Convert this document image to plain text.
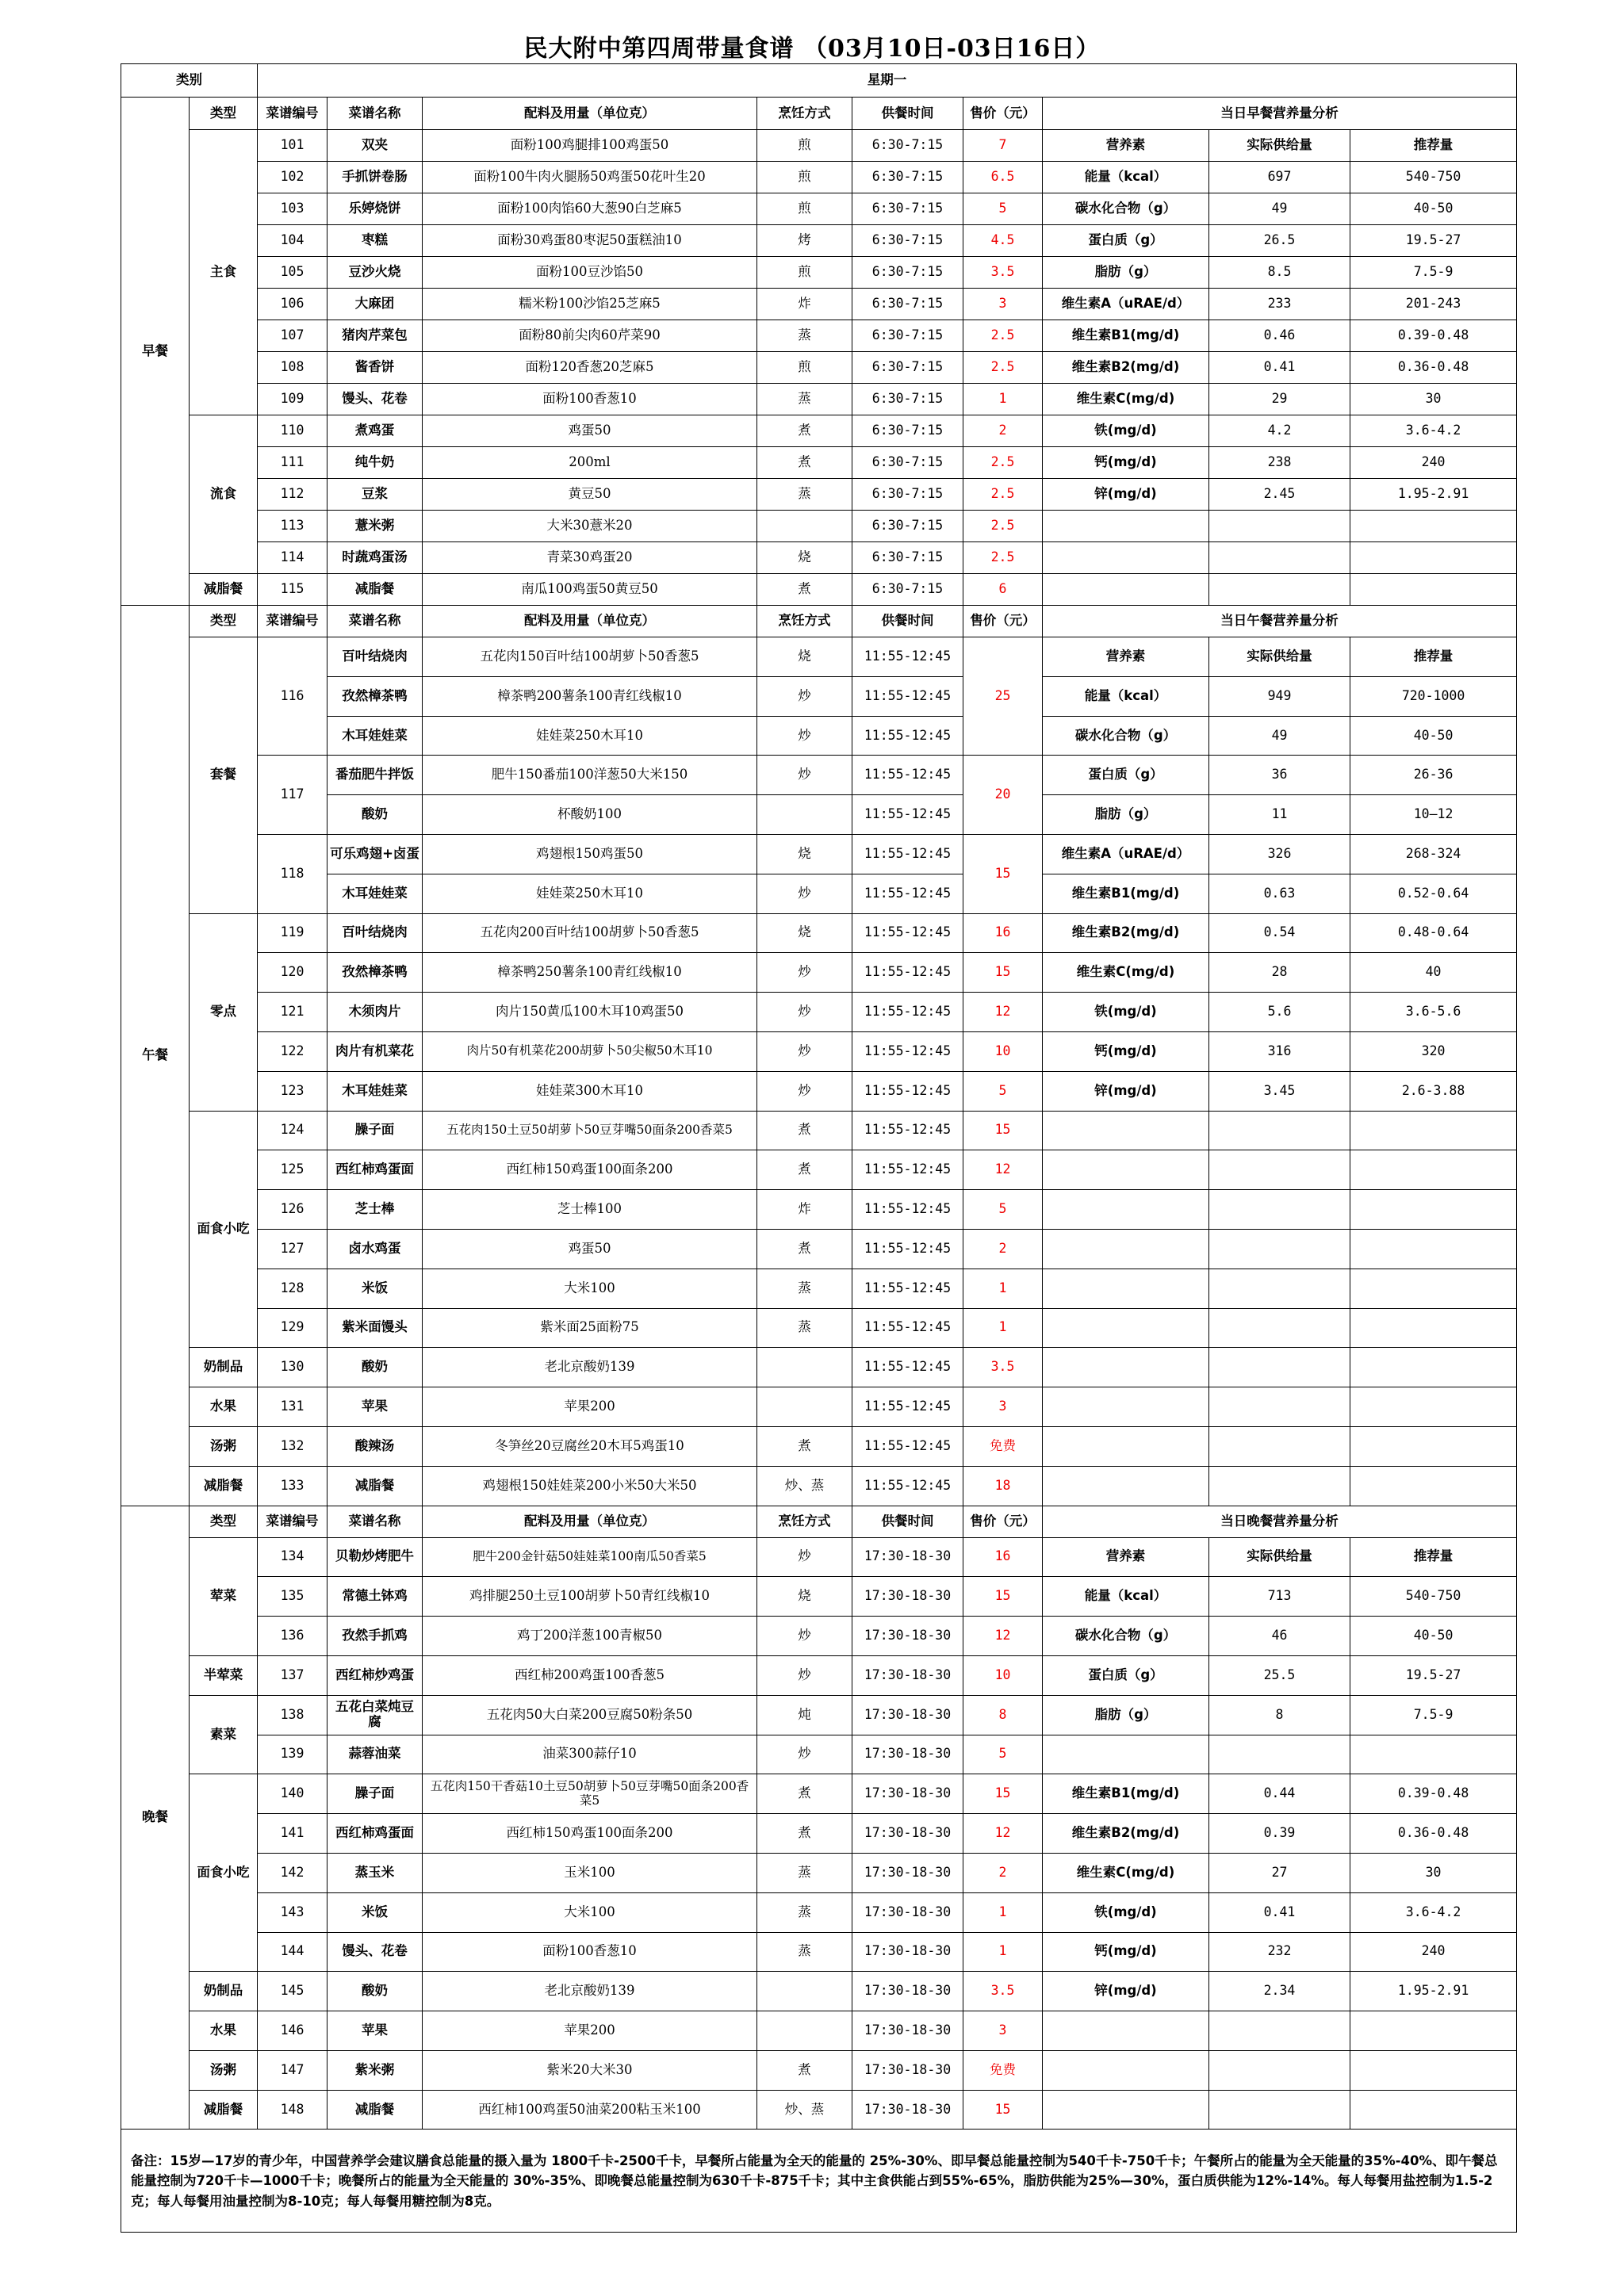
民大附中第四周带量食谱 （03月10日-03日16日）
类别		星期一								
早餐	类型	菜谱编号	菜谱名称	配料及用量（单位克）	烹饪方式	供餐时间	售价（元）	当日早餐营养量分析		
	主食	101	双夹	面粉100鸡腿排100鸡蛋50	煎	6:30-7:15	7	营养素	实际供给量	推荐量
		102	手抓饼卷肠	面粉100牛肉火腿肠50鸡蛋50花叶生20	煎	6:30-7:15	6.5	能量（kcal）	697	540-750
		103	乐婷烧饼	面粉100肉馅60大葱90白芝麻5	煎	6:30-7:15	5	碳水化合物（g）	49	40-50
		104	枣糕	面粉30鸡蛋80枣泥50蛋糕油10	烤	6:30-7:15	4.5	蛋白质（g）	26.5	19.5-27
		105	豆沙火烧	面粉100豆沙馅50	煎	6:30-7:15	3.5	脂肪（g）	8.5	7.5-9
		106	大麻团	糯米粉100沙馅25芝麻5	炸	6:30-7:15	3	维生素A（uRAE/d）	233	201-243
		107	猪肉芹菜包	面粉80前尖肉60芹菜90	蒸	6:30-7:15	2.5	维生素B1(mg/d)	0.46	0.39-0.48
		108	酱香饼	面粉120香葱20芝麻5	煎	6:30-7:15	2.5	维生素B2(mg/d)	0.41	0.36-0.48
		109	馒头、花卷	面粉100香葱10	蒸	6:30-7:15	1	维生素C(mg/d)	29	30
	流食	110	煮鸡蛋	鸡蛋50	煮	6:30-7:15	2	铁(mg/d)	4.2	3.6-4.2
		111	纯牛奶	200ml	煮	6:30-7:15	2.5	钙(mg/d)	238	240
		112	豆浆	黄豆50	蒸	6:30-7:15	2.5	锌(mg/d)	2.45	1.95-2.91
		113	薏米粥	大米30薏米20		6:30-7:15	2.5			
		114	时蔬鸡蛋汤	青菜30鸡蛋20	烧	6:30-7:15	2.5			
	减脂餐	115	减脂餐	南瓜100鸡蛋50黄豆50	煮	6:30-7:15	6			
午餐	类型	菜谱编号	菜谱名称	配料及用量（单位克）	烹饪方式	供餐时间	售价（元）	当日午餐营养量分析		
	套餐	116	百叶结烧肉	五花肉150百叶结100胡萝卜50香葱5	烧	11:55-12:45	25	营养素	实际供给量	推荐量
			孜然樟茶鸭	樟茶鸭200薯条100青红线椒10	炒	11:55-12:45		能量（kcal）	949	720-1000
			木耳娃娃菜	娃娃菜250木耳10	炒	11:55-12:45		碳水化合物（g）	49	40-50
		117	番茄肥牛拌饭	肥牛150番茄100洋葱50大米150	炒	11:55-12:45	20	蛋白质（g）	36	26-36
			酸奶	杯酸奶100		11:55-12:45		脂肪（g）	11	10—12
		118	可乐鸡翅+卤蛋	鸡翅根150鸡蛋50	烧	11:55-12:45	15	维生素A（uRAE/d）	326	268-324
			木耳娃娃菜	娃娃菜250木耳10	炒	11:55-12:45		维生素B1(mg/d)	0.63	0.52-0.64
	零点	119	百叶结烧肉	五花肉200百叶结100胡萝卜50香葱5	烧	11:55-12:45	16	维生素B2(mg/d)	0.54	0.48-0.64
		120	孜然樟茶鸭	樟茶鸭250薯条100青红线椒10	炒	11:55-12:45	15	维生素C(mg/d)	28	40
		121	木须肉片	肉片150黄瓜100木耳10鸡蛋50	炒	11:55-12:45	12	铁(mg/d)	5.6	3.6-5.6
		122	肉片有机菜花	肉片50有机菜花200胡萝卜50尖椒50木耳10	炒	11:55-12:45	10	钙(mg/d)	316	320
		123	木耳娃娃菜	娃娃菜300木耳10	炒	11:55-12:45	5	锌(mg/d)	3.45	2.6-3.88
	面食小吃	124	臊子面	五花肉150土豆50胡萝卜50豆芽嘴50面条200香菜5	煮	11:55-12:45	15			
		125	西红柿鸡蛋面	西红柿150鸡蛋100面条200	煮	11:55-12:45	12			
		126	芝士棒	芝士棒100	炸	11:55-12:45	5			
		127	卤水鸡蛋	鸡蛋50	煮	11:55-12:45	2			
		128	米饭	大米100	蒸	11:55-12:45	1			
		129	紫米面馒头	紫米面25面粉75	蒸	11:55-12:45	1			
	奶制品	130	酸奶	老北京酸奶139		11:55-12:45	3.5			
	水果	131	苹果	苹果200		11:55-12:45	3			
	汤粥	132	酸辣汤	冬笋丝20豆腐丝20木耳5鸡蛋10	煮	11:55-12:45	免费			
	减脂餐	133	减脂餐	鸡翅根150娃娃菜200小米50大米50	炒、蒸	11:55-12:45	18			
晚餐	类型	菜谱编号	菜谱名称	配料及用量（单位克）	烹饪方式	供餐时间	售价（元）	当日晚餐营养量分析		
	荤菜	134	贝勒炒烤肥牛	肥牛200金针菇50娃娃菜100南瓜50香菜5	炒	17:30-18-30	16	营养素	实际供给量	推荐量
		135	常德土钵鸡	鸡排腿250土豆100胡萝卜50青红线椒10	烧	17:30-18-30	15	能量（kcal）	713	540-750
		136	孜然手抓鸡	鸡丁200洋葱100青椒50	炒	17:30-18-30	12	碳水化合物（g）	46	40-50
	半荤菜	137	西红柿炒鸡蛋	西红柿200鸡蛋100香葱5	炒	17:30-18-30	10	蛋白质（g）	25.5	19.5-27
	素菜	138	五花白菜炖豆腐	五花肉50大白菜200豆腐50粉条50	炖	17:30-18-30	8	脂肪（g）	8	7.5-9
		139	蒜蓉油菜	油菜300蒜仔10	炒	17:30-18-30	5			
	面食小吃	140	臊子面	五花肉150干香菇10土豆50胡萝卜50豆芽嘴50面条200香菜5	煮	17:30-18-30	15	维生素B1(mg/d)	0.44	0.39-0.48
		141	西红柿鸡蛋面	西红柿150鸡蛋100面条200	煮	17:30-18-30	12	维生素B2(mg/d)	0.39	0.36-0.48
		142	蒸玉米	玉米100	蒸	17:30-18-30	2	维生素C(mg/d)	27	30
		143	米饭	大米100	蒸	17:30-18-30	1	铁(mg/d)	0.41	3.6-4.2
		144	馒头、花卷	面粉100香葱10	蒸	17:30-18-30	1	钙(mg/d)	232	240
	奶制品	145	酸奶	老北京酸奶139		17:30-18-30	3.5	锌(mg/d)	2.34	1.95-2.91
	水果	146	苹果	苹果200		17:30-18-30	3			
	汤粥	147	紫米粥	紫米20大米30	煮	17:30-18-30	免费			
	减脂餐	148	减脂餐	西红柿100鸡蛋50油菜200粘玉米100	炒、蒸	17:30-18-30	15			
备注：15岁—17岁的青少年，中国营养学会建议膳食总能量的摄入量为 1800千卡-2500千卡，早餐所占能量为全天的能量的 25%-30%、即早餐总能量控制为540千卡-750千卡；午餐所占的能量为全天能量的35%-40%、即午餐总能量控制为720千卡—1000千卡；晚餐所占的能量为全天能量的 30%-35%、即晚餐总能量控制为630千卡-875千卡；其中主食供能占到55%-65%，脂肪供能为25%—30%，蛋白质供能为12%-14%。每人每餐用盐控制为1.5-2克；每人每餐用油量控制为8-10克；每人每餐用糖控制为8克。										
